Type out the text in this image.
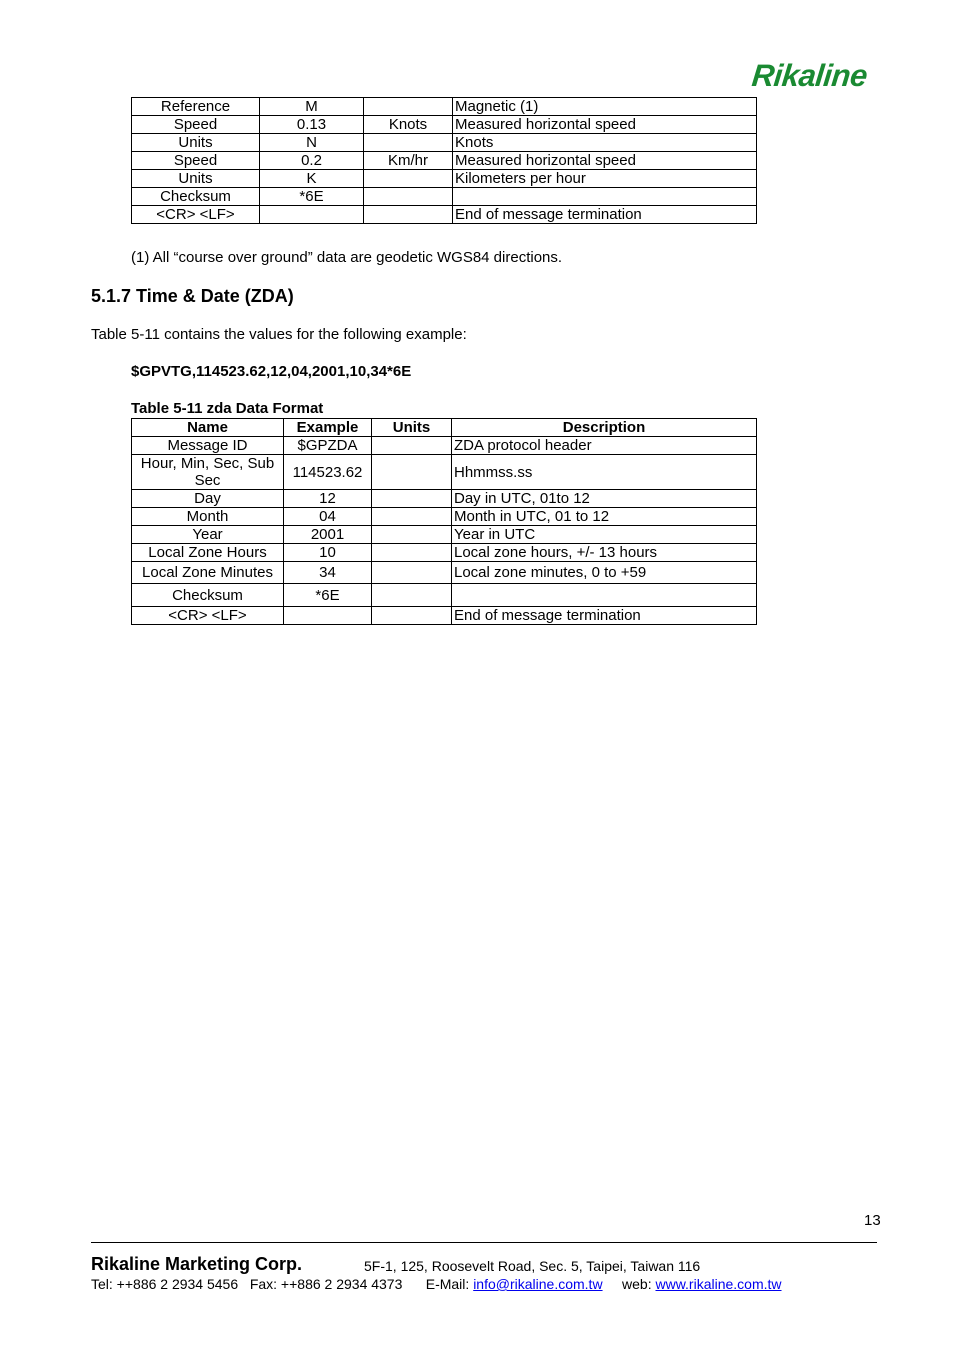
Rikaline
Reference	M		Magnetic (1)
Speed	0.13	Knots	Measured horizontal speed
Units	N		Knots
Speed	0.2	Km/hr	Measured horizontal speed
Units	K		Kilometers per hour
Checksum	*6E		
<CR> <LF>			End of message termination
(1) All “course over ground” data are geodetic WGS84 directions.
5.1.7 Time & Date (ZDA)
Table 5-11 contains the values for the following example:
$GPVTG,114523.62,12,04,2001,10,34*6E
Table 5-11 zda Data Format
Name	Example	Units	Description
Message ID	$GPZDA		ZDA protocol header
Hour, Min, Sec, Sub Sec	114523.62		Hhmmss.ss
Day	12		Day in UTC, 01to 12
Month	04		Month in UTC, 01 to 12
Year	2001		Year in UTC
Local Zone Hours	10		Local zone hours, +/- 13 hours
Local Zone Minutes	34		Local zone minutes, 0 to +59
Checksum	*6E		
<CR> <LF>			End of message termination
13
Rikaline Marketing Corp.	5F-1, 125, Roosevelt Road, Sec. 5, Taipei, Taiwan 116
Tel: ++886 2 2934 5456 Fax: ++886 2 2934 4373 E-Mail: info@rikaline.com.tw web: www.rikaline.com.tw
